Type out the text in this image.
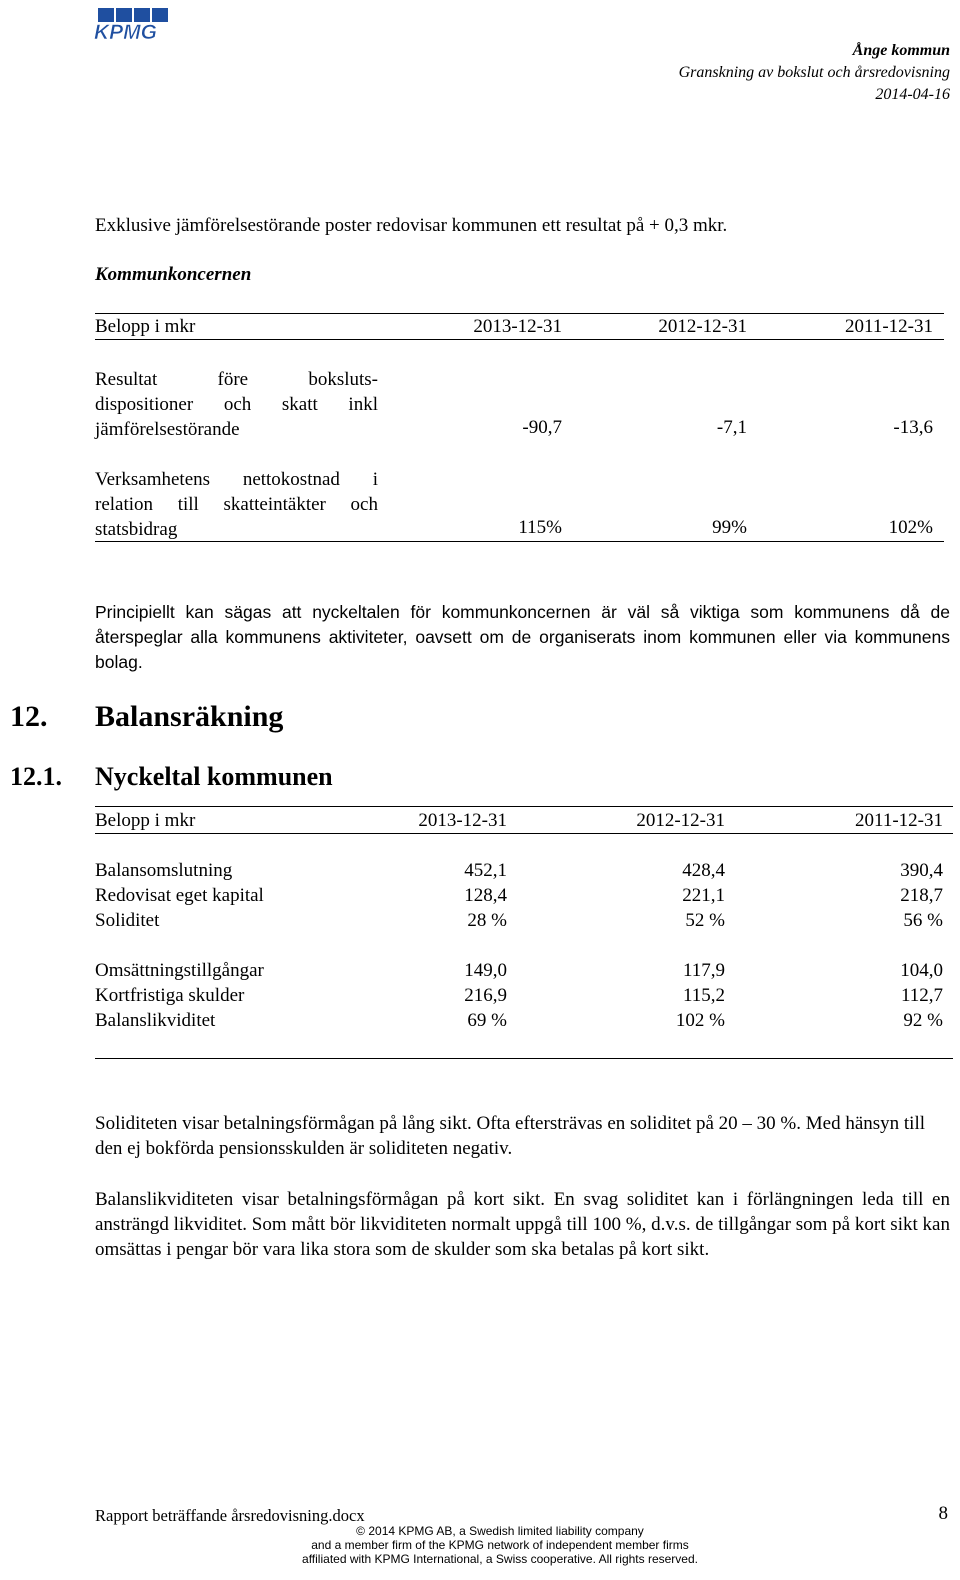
KPMG
Ånge kommun
Granskning av bokslut och årsredovisning
2014-04-16
Exklusive jämförelsestörande poster redovisar kommunen ett resultat på + 0,3 mkr.
Kommunkoncernen
Belopp i mkr	2013-12-31	2012-12-31	2011-12-31
Resultat före boksluts-
dispositioner och skatt inkl
jämförelsestörande	-90,7	-7,1	-13,6
Verksamhetens nettokostnad i
relation till skatteintäkter och
statsbidrag	115%	99%	102%
Principiellt kan sägas att nyckeltalen för kommunkoncernen är väl så viktiga som kommunens då de återspeglar alla kommunens aktiviteter, oavsett om de organiserats inom kommunen eller via kommunens bolag.
12. Balansräkning
12.1. Nyckeltal kommunen
Belopp i mkr	2013-12-31	2012-12-31	2011-12-31
Balansomslutning	452,1	428,4	390,4
Redovisat eget kapital	128,4	221,1	218,7
Soliditet	28 %	52 %	56 %
Omsättningstillgångar	149,0	117,9	104,0
Kortfristiga skulder	216,9	115,2	112,7
Balanslikviditet	69 %	102 %	92 %
Soliditeten visar betalningsförmågan på lång sikt. Ofta eftersträvas en soliditet på 20 – 30 %. Med hänsyn till den ej bokförda pensionsskulden är soliditeten negativ.
Balanslikviditeten visar betalningsförmågan på kort sikt. En svag soliditet kan i förlängningen leda till en ansträngd likviditet. Som mått bör likviditeten normalt uppgå till 100 %, d.v.s. de tillgångar som på kort sikt kan omsättas i pengar bör vara lika stora som de skulder som ska betalas på kort sikt.
Rapport beträffande årsredovisning.docx	8
© 2014 KPMG AB, a Swedish limited liability company
and a member firm of the KPMG network of independent member firms
affiliated with KPMG International, a Swiss cooperative. All rights reserved.
